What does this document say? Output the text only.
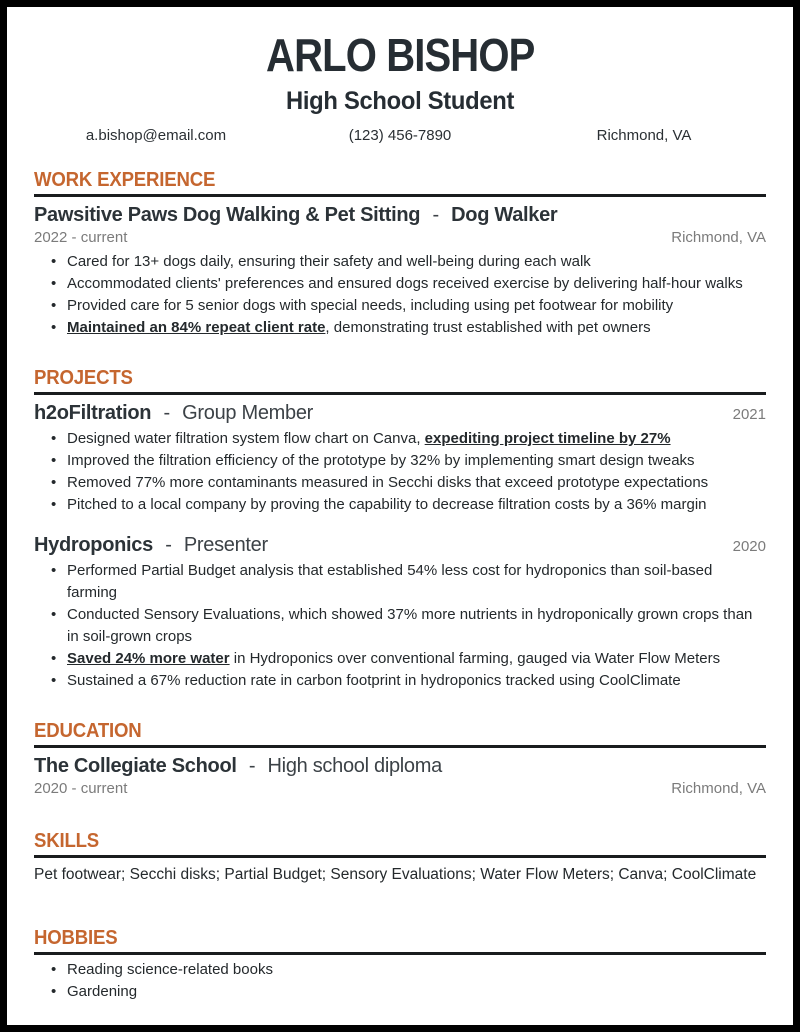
ARLO BISHOP
High School Student
a.bishop@email.com	(123) 456-7890	Richmond, VA
WORK EXPERIENCE
Pawsitive Paws Dog Walking & Pet Sitting - Dog Walker
2022 - current	Richmond, VA
• Cared for 13+ dogs daily, ensuring their safety and well-being during each walk
• Accommodated clients' preferences and ensured dogs received exercise by delivering half-hour walks
• Provided care for 5 senior dogs with special needs, including using pet footwear for mobility
• Maintained an 84% repeat client rate, demonstrating trust established with pet owners
PROJECTS
h2oFiltration - Group Member	2021
• Designed water filtration system flow chart on Canva, expediting project timeline by 27%
• Improved the filtration efficiency of the prototype by 32% by implementing smart design tweaks
• Removed 77% more contaminants measured in Secchi disks that exceed prototype expectations
• Pitched to a local company by proving the capability to decrease filtration costs by a 36% margin
Hydroponics - Presenter	2020
• Performed Partial Budget analysis that established 54% less cost for hydroponics than soil-based farming
• Conducted Sensory Evaluations, which showed 37% more nutrients in hydroponically grown crops than in soil-grown crops
• Saved 24% more water in Hydroponics over conventional farming, gauged via Water Flow Meters
• Sustained a 67% reduction rate in carbon footprint in hydroponics tracked using CoolClimate
EDUCATION
The Collegiate School - High school diploma
2020 - current	Richmond, VA
SKILLS
Pet footwear; Secchi disks; Partial Budget; Sensory Evaluations; Water Flow Meters; Canva; CoolClimate
HOBBIES
• Reading science-related books
• Gardening
